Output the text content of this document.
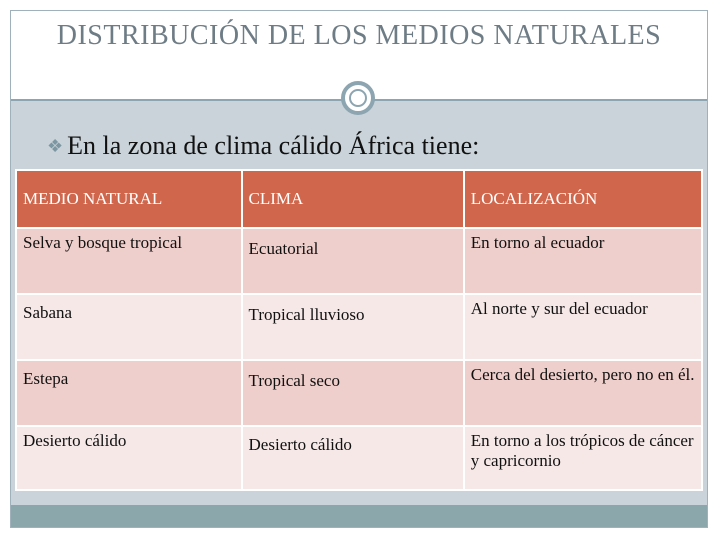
DISTRIBUCIÓN DE LOS MEDIOS NATURALES
❖ En la zona de clima cálido África tiene:
MEDIO NATURAL	CLIMA	LOCALIZACIÓN
Selva y bosque tropical	Ecuatorial	En torno al ecuador
Sabana	Tropical lluvioso	Al norte y sur del ecuador
Estepa	Tropical seco	Cerca del desierto, pero no en él.
Desierto cálido	Desierto cálido	En torno a los trópicos de cáncer y capricornio
